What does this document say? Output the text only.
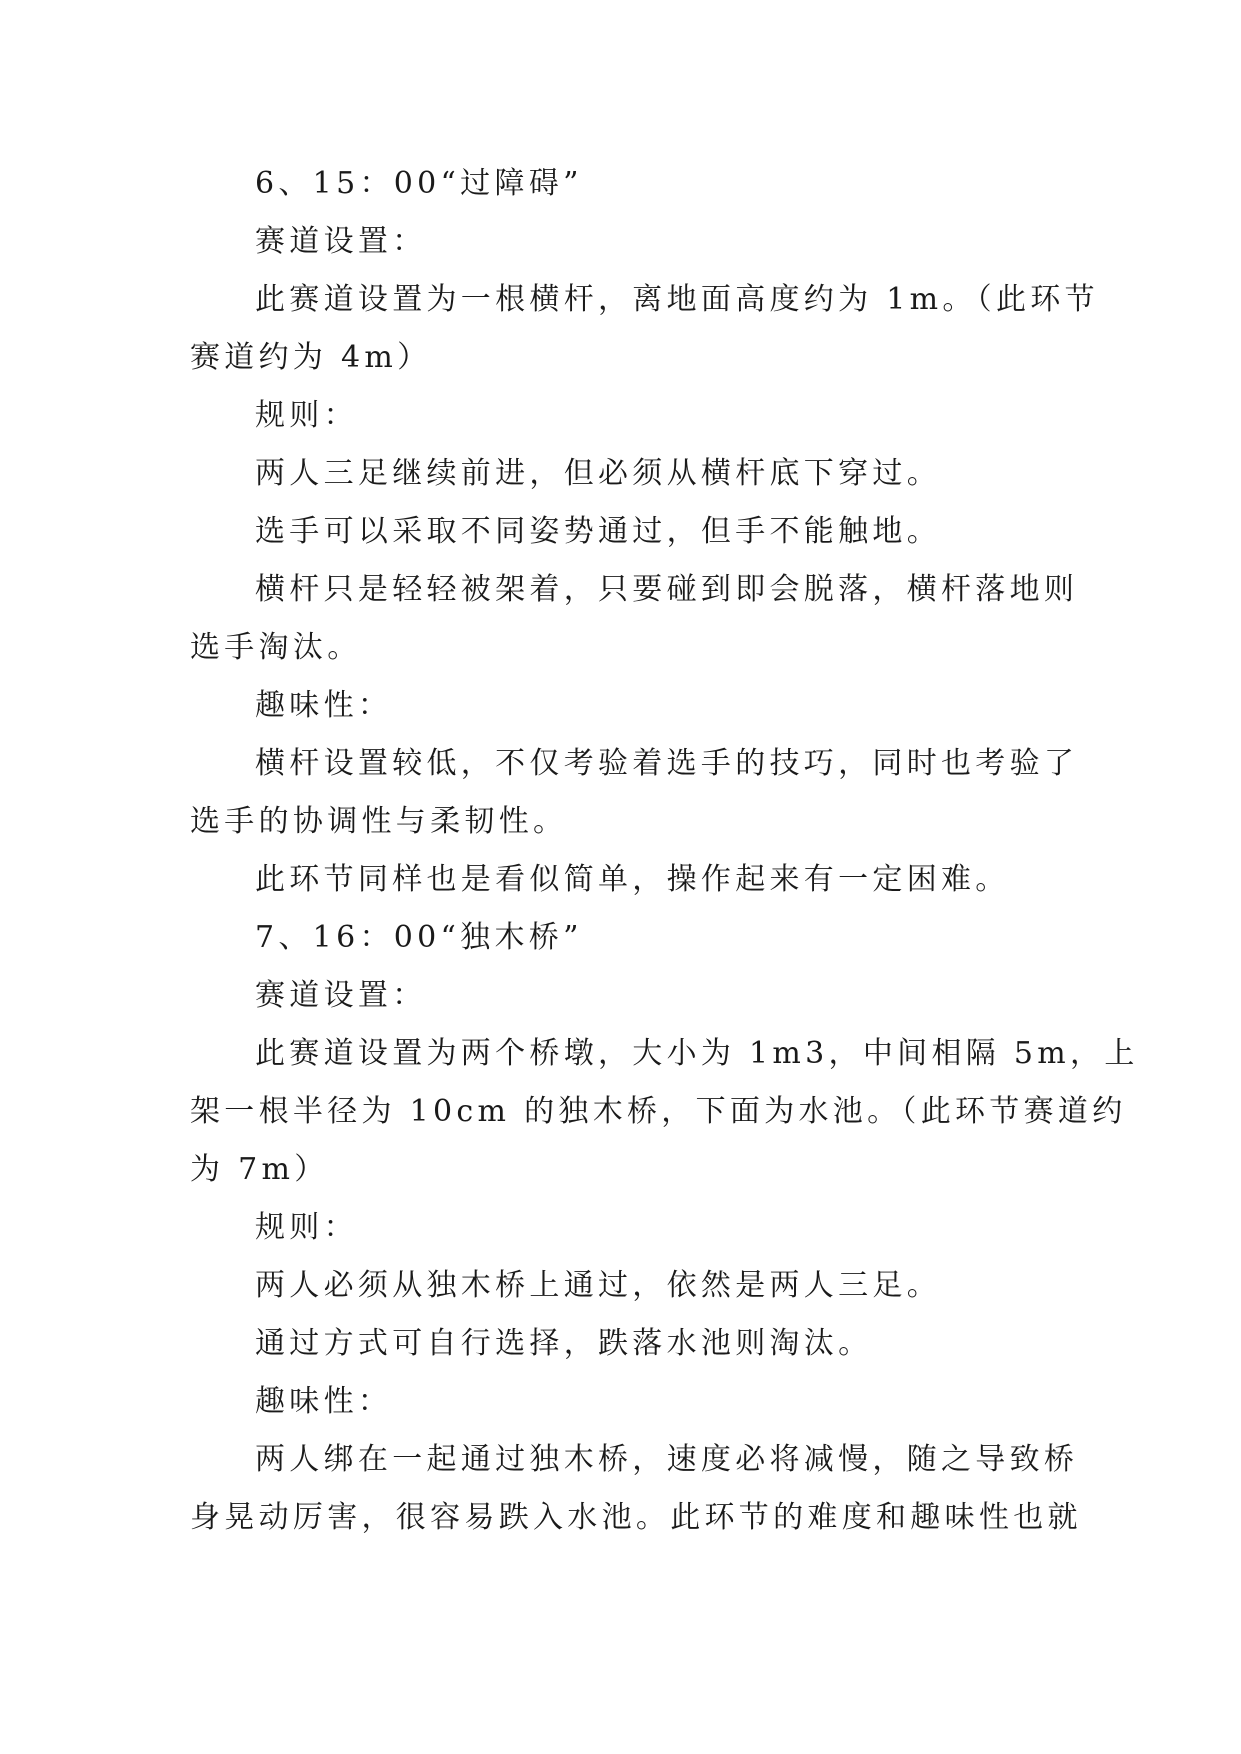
6、15：00“过障碍”
赛道设置：
此赛道设置为一根横杆，离地面高度约为 1m。（此环节
赛道约为 4m）
规则：
两人三足继续前进，但必须从横杆底下穿过。
选手可以采取不同姿势通过，但手不能触地。
横杆只是轻轻被架着，只要碰到即会脱落，横杆落地则
选手淘汰。
趣味性：
横杆设置较低，不仅考验着选手的技巧，同时也考验了
选手的协调性与柔韧性。
此环节同样也是看似简单，操作起来有一定困难。
7、16：00“独木桥”
赛道设置：
此赛道设置为两个桥墩，大小为 1m3，中间相隔 5m，上
架一根半径为 10cm 的独木桥，下面为水池。（此环节赛道约
为 7m）
规则：
两人必须从独木桥上通过，依然是两人三足。
通过方式可自行选择，跌落水池则淘汰。
趣味性：
两人绑在一起通过独木桥，速度必将减慢，随之导致桥
身晃动厉害，很容易跌入水池。此环节的难度和趣味性也就
